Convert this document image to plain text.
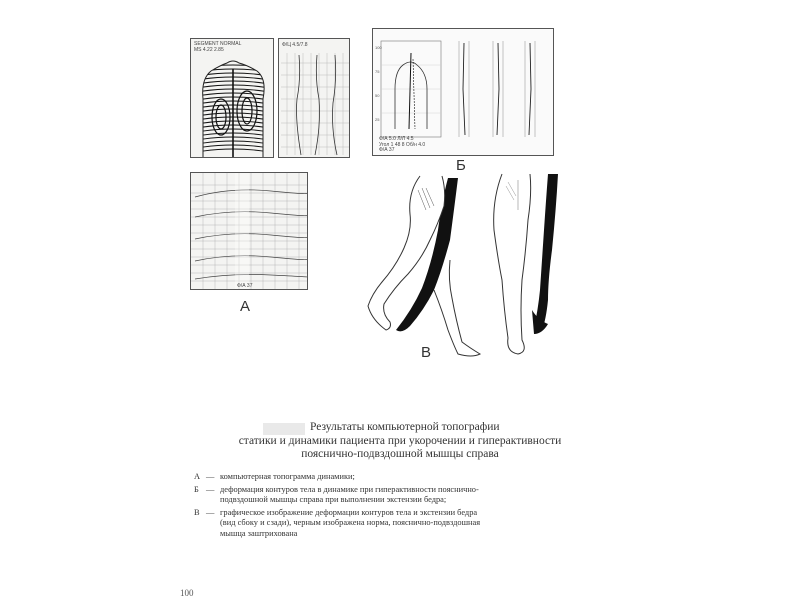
SEGMENT NORMAL
MS 4.22 2.85
Ф/Ц 4.5/7.8
Ф/А 37
А
100
75
50
25
Ф/А 5.0 Л/Л 4.5
Угол 1 48 8 Об/н 4.0
Ф/А 37
Б
В
Результаты компьютерной топографии
статики и динамики пациента при укорочении и гиперактивности
пояснично-подвздошной мышцы справа
А — компьютерная топограмма динамики;
Б — деформация контуров тела в динамике при гиперактивности пояснично-
подвздошной мышцы справа при выполнении экстензии бедра;
В — графическое изображение деформации контуров тела и экстензии бедра
(вид сбоку и сзади), черным изображена норма, пояснично-подвздошная
мышца заштрихована
100
